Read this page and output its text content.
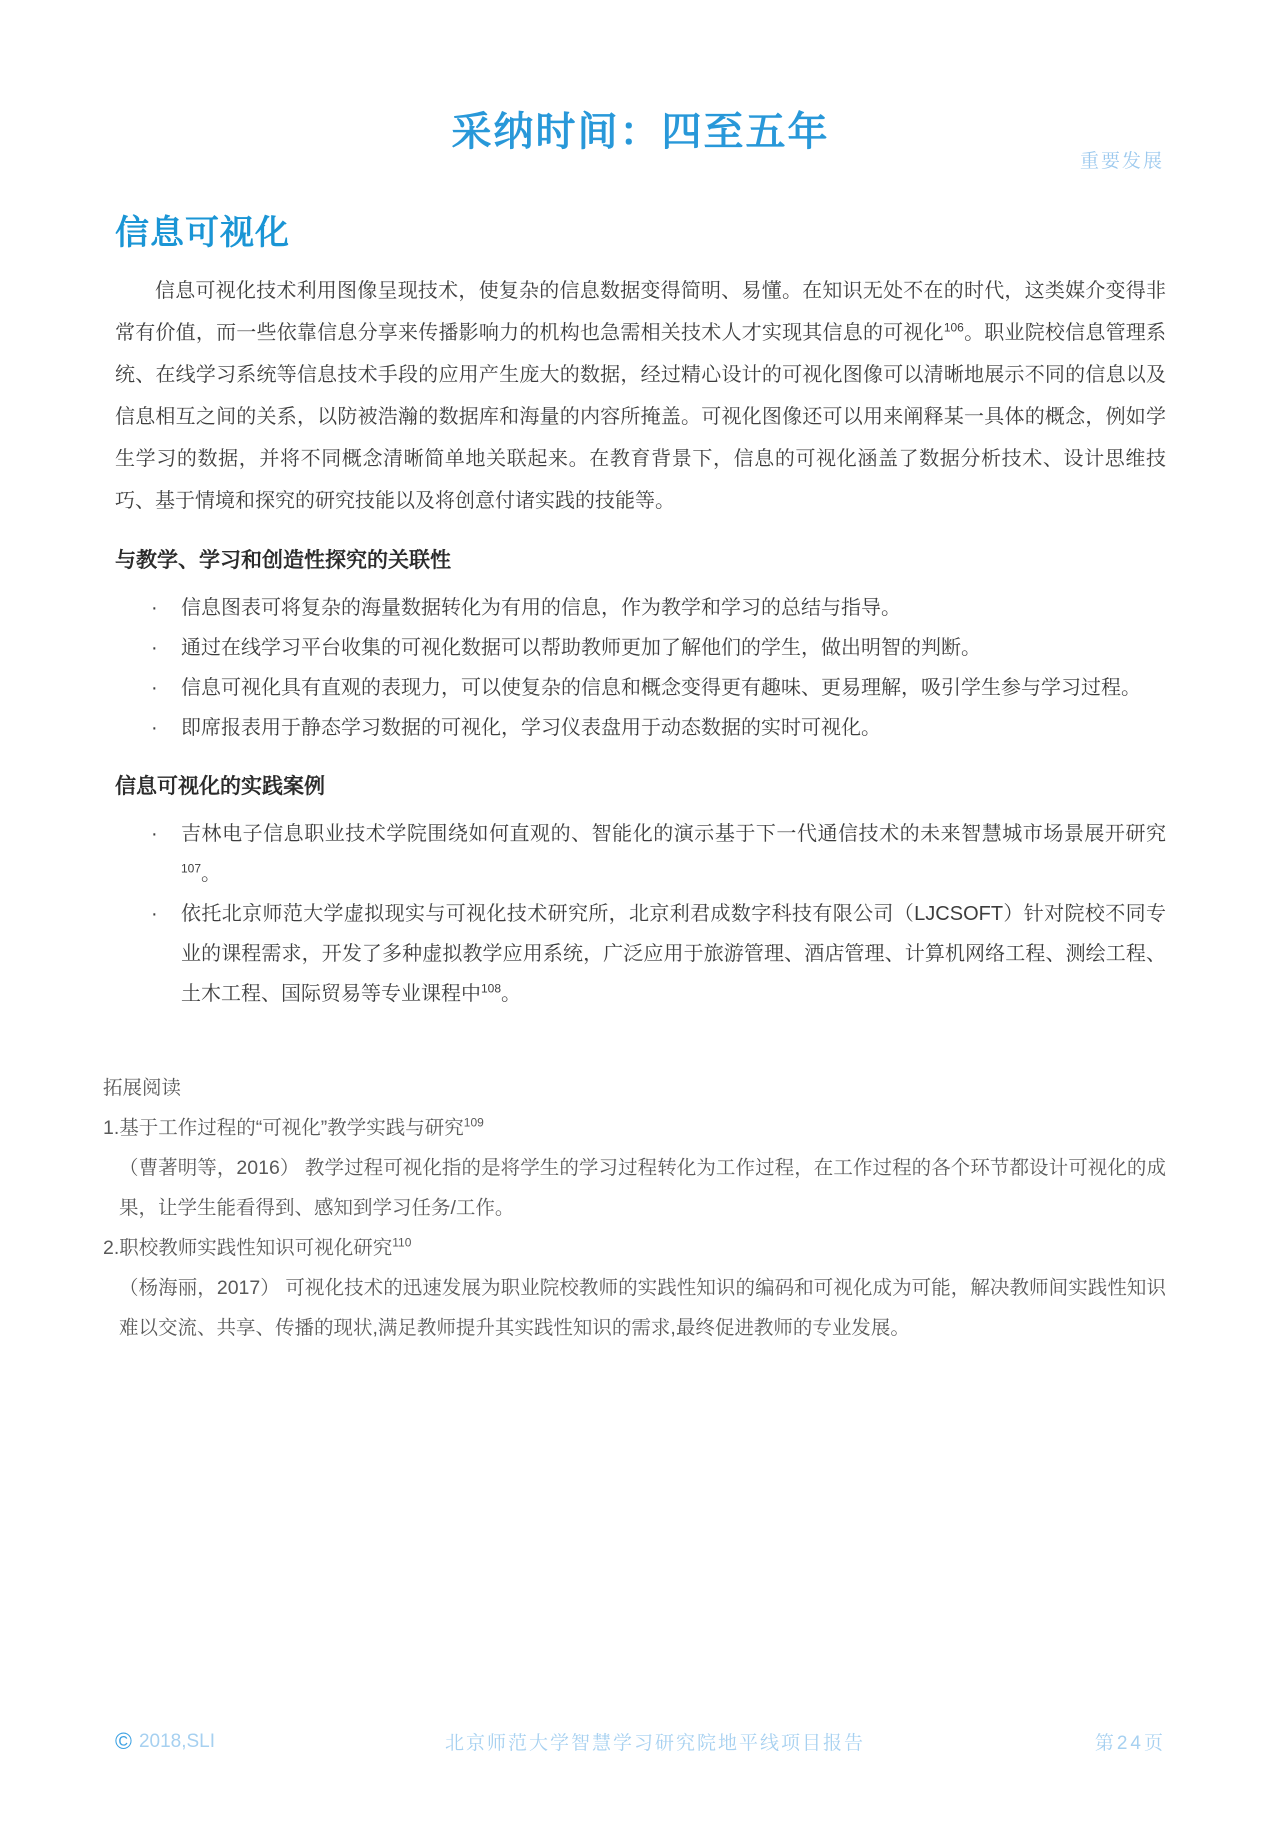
重要发展
采纳时间：四至五年
信息可视化

信息可视化技术利用图像呈现技术，使复杂的信息数据变得简明、易懂。在知识无处不在的时代，这类媒介变得非常有价值，而一些依靠信息分享来传播影响力的机构也急需相关技术人才实现其信息的可视化$^{106}$。职业院校信息管理系统、在线学习系统等信息技术手段的应用产生庞大的数据，经过精心设计的可视化图像可以清晰地展示不同的信息以及信息相互之间的关系，以防被浩瀚的数据库和海量的内容所掩盖。可视化图像还可以用来阐释某一具体的概念，例如学生学习的数据，并将不同概念清晰简单地关联起来。在教育背景下，信息的可视化涵盖了数据分析技术、设计思维技巧、基于情境和探究的研究技能以及将创意付诸实践的技能等。

与教学、学习和创造性探究的关联性
· 信息图表可将复杂的海量数据转化为有用的信息，作为教学和学习的总结与指导。
· 通过在线学习平台收集的可视化数据可以帮助教师更加了解他们的学生，做出明智的判断。
· 信息可视化具有直观的表现力，可以使复杂的信息和概念变得更有趣味、更易理解，吸引学生参与学习过程。
· 即席报表用于静态学习数据的可视化，学习仪表盘用于动态数据的实时可视化。
信息可视化的实践案例
· 吉林电子信息职业技术学院围绕如何直观的、智能化的演示基于下一代通信技术的未来智慧城市场景展开研究$^{107}$。
· 依托北京师范大学虚拟现实与可视化技术研究所，北京利君成数字科技有限公司（LJCSOFT）针对院校不同专业的课程需求，开发了多种虚拟教学应用系统，广泛应用于旅游管理、酒店管理、计算机网络工程、测绘工程、土木工程、国际贸易等专业课程中$^{108}$。
拓展阅读
1.基于工作过程的“可视化”教学实践与研究$^{109}$
（曹著明等，2016） 教学过程可视化指的是将学生的学习过程转化为工作过程，在工作过程的各个环节都设计可视化的成果，让学生能看得到、感知到学习任务/工作。
2.职校教师实践性知识可视化研究$^{110}$
（杨海丽，2017） 可视化技术的迅速发展为职业院校教师的实践性知识的编码和可视化成为可能，解决教师间实践性知识难以交流、共享、传播的现状,满足教师提升其实践性知识的需求,最终促进教师的专业发展。
© 2018,SLI	北京师范大学智慧学习研究院地平线项目报告	第24页
